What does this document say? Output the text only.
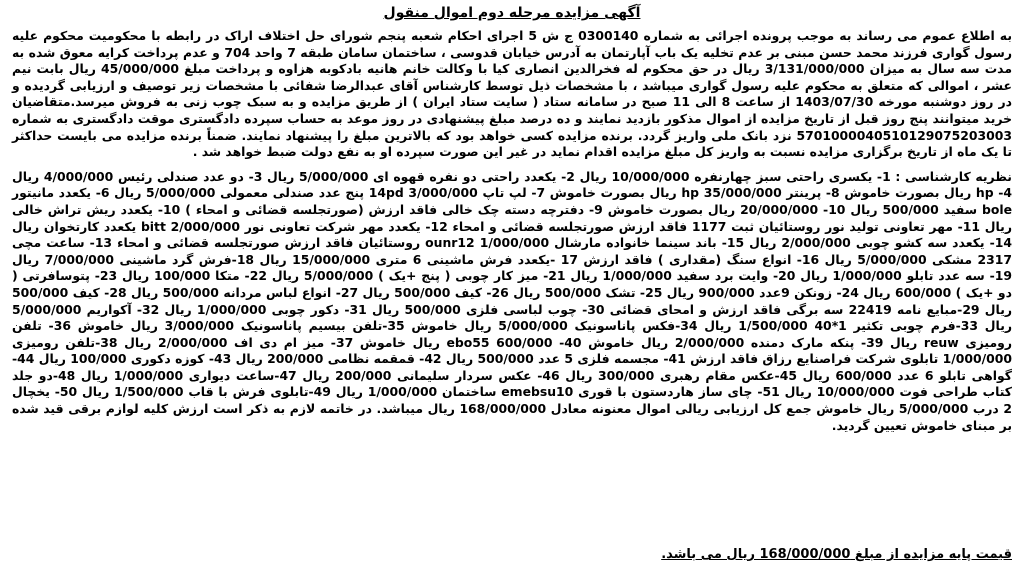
آگهی مزایده مرحله دوم اموال منقول

به اطلاع عموم می رساند به موجب پرونده اجرائی به شماره 0300140 ج ش 5 اجرای احکام شعبه پنجم شورای حل اختلاف اراک در رابطه با محکومیت محکوم علیه رسول گواری فرزند محمد حسن مبنی بر عدم تخلیه یک باب آپارتمان به آدرس خیابان قدوسی ، ساختمان سامان طبقه 7 واحد 704 و عدم پرداخت کرایه معوق شده به مدت سه سال به میزان 3/131/000/000 ریال در حق محکوم له فخرالدین انصاری کیا با وکالت خانم هانیه بادکوبه هزاوه و پرداخت مبلغ 45/000/000 ریال بابت نیم عشر ، اموالی که متعلق به محکوم علیه رسول گواری میباشد ، با مشخصات ذیل توسط کارشناس آقای عبدالرضا شفائی با مشخصات زیر توصیف و ارزیابی گردیده و در روز دوشنبه مورخه 1403/07/30 از ساعت 8 الی 11 صبح در سامانه ستاد ( سایت ستاد ایران ) از طریق مزایده و به سبک چوب زنی به فروش میرسد.متقاضیان خرید میتوانند پنج روز قبل از تاریخ مزایده از اموال مذکور بازدید نمایند و ده درصد مبلغ پیشنهادی در روز موعد به حساب سپرده دادگستری موقت دادگستری به شماره 5701000040510129075203003 نزد بانک ملی واریز گردد. برنده مزایده کسی خواهد بود که بالاترین مبلغ را پیشنهاد نمایند. ضمناً برنده مزایده می بایست حداکثر تا یک ماه از تاریخ برگزاری مزایده نسبت به واریز کل مبلغ مزایده اقدام نماید در غیر این صورت سپرده او به نفع دولت ضبط خواهد شد .

نظریه کارشناسی : 1- یکسری راحتی سبز چهارنفره 10/000/000 ریال 2- یکعدد راحتی دو نفره قهوه ای 5/000/000 ریال 3- دو عدد صندلی رئیس 4/000/000 ریال 4- hp ریال بصورت خاموش 8- پرینتر hp 35/000/000 ریال بصورت خاموش 7- لپ تاپ 14pd 3/000/000 پنج عدد صندلی معمولی 5/000/000 ریال 6- یکعدد مانیتور bole سفید 500/000 ریال 10- 20/000/000 ریال بصورت خاموش 9- دفترچه دسته چک خالی فاقد ارزش (صورتجلسه قضائی و امحاء ) 10- یکعدد ریش تراش خالی ریال 11- مهر تعاونی تولید نور روستائیان ثبت 1177 فاقد ارزش صورتجلسه قضائی و امحاء 12- یکعدد مهر شرکت تعاونی نور bitt 2/000/000 یکعدد کارتخوان ریال 14- یکعدد سه کشو چوبی 2/000/000 ریال 15- باند سینما خانواده مارشال ounr12 1/000/000 روستائیان فاقد ارزش صورتجلسه قضائی و امحاء 13- ساعت مچی 2317 مشکی 5/000/000 ریال 16- انواع سنگ (مقداری ) فاقد ارزش 17 -یکعدد فرش ماشینی 6 متری 15/000/000 ریال 18-فرش گرد ماشینی 7/000/000 ریال 19- سه عدد تابلو 1/000/000 ریال 20- وایت برد سفید 1/000/000 ریال 21- میز کار چوبی ( پنج +یک ) 5/000/000 ریال 22- متکا 100/000 ریال 23- پتوسافرتی ( دو +یک ) 600/000 ریال 24- زونکن 9عدد 900/000 ریال 25- تشک 500/000 ریال 26- کیف 500/000 ریال 27- انواع لباس مردانه 500/000 ریال 28- کیف 500/000 ریال 29-مبایع نامه 22419 سه برگی فاقد ارزش و امحای قضائی 30- چوب لباسی فلزی 500/000 ریال 31- دکور چوبی 1/000/000 ریال 32- آکواریم 5/000/000 ریال 33-فرم چوبی تکثیر 1*40 1/500/000 ریال 34-فکس پاناسونیک 5/000/000 ریال خاموش 35-تلفن بیسیم پاناسونیک 3/000/000 ریال خاموش 36- تلفن رومیزی reuw ریال 39- پنکه مارک دمنده 2/000/000 ریال خاموش 40- ebo55 600/000 ریال خاموش 37- میز ام دی اف 2/000/000 ریال 38-تلفن رومیزی 1/000/000 تابلوی شرکت فراصنایع رزاق فاقد ارزش 41- مجسمه فلزی 5 عدد 500/000 ریال 42- قمقمه نظامی 200/000 ریال 43- کوزه دکوری 100/000 ریال 44- گواهی تابلو 6 عدد 600/000 ریال 45-عکس مقام رهبری 300/000 ریال 46- عکس سردار سلیمانی 200/000 ریال 47-ساعت دیواری 1/000/000 ریال 48-دو جلد کتاب طراحی فوت 10/000/000 ریال 51- چای ساز هاردستون با قوری emebsu10 ساختمان 1/000/000 ریال 49-تابلوی فرش با قاب 1/500/000 ریال 50- یخچال 2 درب 5/000/000 ریال خاموش جمع کل ارزیابی ریالی اموال معنونه معادل 168/000/000 ریال میباشد. در خاتمه لازم به ذکر است ارزش کلیه لوازم برقی قید شده بر مبنای خاموش تعیین گردید.

قیمت پایه مزایده از مبلغ 168/000/000 ریال می باشد.
